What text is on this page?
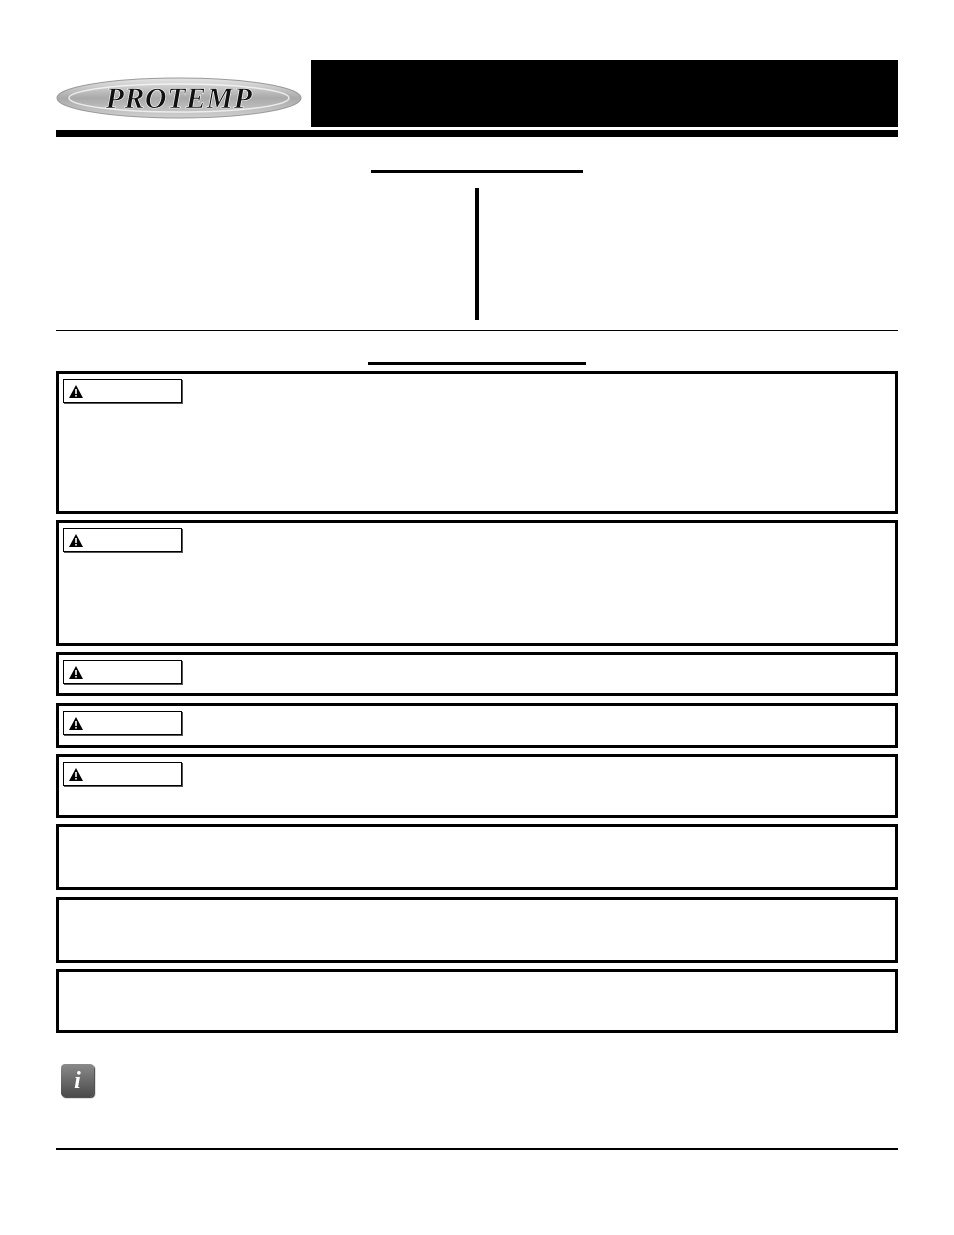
PROTEMP
i
